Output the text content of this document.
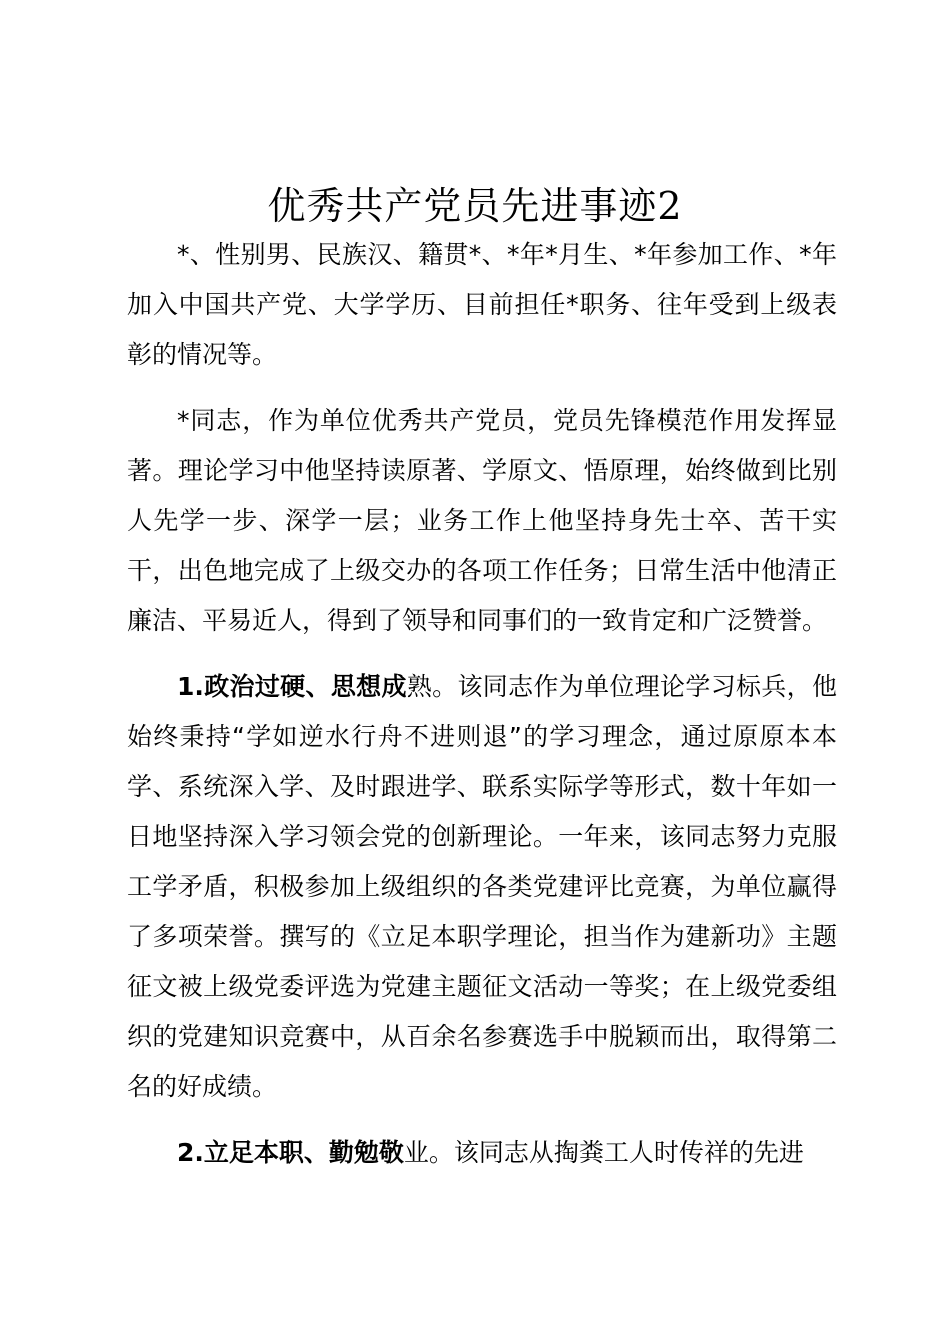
优秀共产党员先进事迹2

*、性别男、民族汉、籍贯*、*年*月生、*年参加工作、*年加入中国共产党、大学学历、目前担任*职务、往年受到上级表彰的情况等。

*同志，作为单位优秀共产党员，党员先锋模范作用发挥显著。理论学习中他坚持读原著、学原文、悟原理，始终做到比别人先学一步、深学一层；业务工作上他坚持身先士卒、苦干实干，出色地完成了上级交办的各项工作任务；日常生活中他清正廉洁、平易近人，得到了领导和同事们的一致肯定和广泛赞誉。

1.政治过硬、思想成熟。该同志作为单位理论学习标兵，他始终秉持“学如逆水行舟不进则退”的学习理念，通过原原本本学、系统深入学、及时跟进学、联系实际学等形式，数十年如一日地坚持深入学习领会党的创新理论。一年来，该同志努力克服工学矛盾，积极参加上级组织的各类党建评比竞赛，为单位赢得了多项荣誉。撰写的《立足本职学理论，担当作为建新功》主题征文被上级党委评选为党建主题征文活动一等奖；在上级党委组织的党建知识竞赛中，从百余名参赛选手中脱颖而出，取得第二名的好成绩。

2.立足本职、勤勉敬业。该同志从掏粪工人时传祥的先进
